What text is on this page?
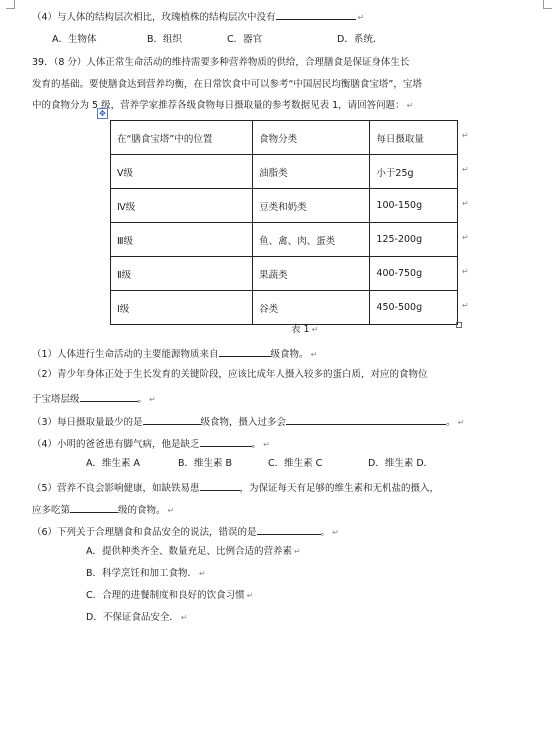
（4）与人体的结构层次相比，玫瑰植株的结构层次中没有	↵
A．生物体	B．组织	C．器官	D．系统．
39．（8 分）人体正常生命活动的维持需要多种营养物质的供给，合理膳食是保证身体生长
发育的基础。要使膳食达到营养均衡，在日常饮食中可以参考“中国居民均衡膳食宝塔”，宝塔
中的食物分为 5 级，营养学家推荐各级食物每日摄取量的参考数据见表 1，请回答问题： ↵
✥
在“膳食宝塔”中的位置	食物分类	每日摄取量
Ⅴ级	油脂类	小于25g
Ⅳ级	豆类和奶类	100-150g
Ⅲ级	鱼、禽、肉、蛋类	125-200g
Ⅱ级	果蔬类	400-750g
Ⅰ级	谷类	450-500g
↵
↵
↵
↵
↵
↵
表 1 ↵
（1）人体进行生命活动的主要能源物质来自	级食物。 ↵
（2）青少年身体正处于生长发育的关键阶段，应该比成年人摄入较多的蛋白质，对应的食物位
于宝塔层级	。 ↵
（3）每日摄取量最少的是	级食物，摄入过多会	。 ↵
（4）小明的爸爸患有脚气病，他是缺乏	。 ↵
A．维生素 A	B．维生素 B	C．维生素 C	D．维生素 D．
（5）营养不良会影响健康，如缺铁易患	，为保证每天有足够的维生素和无机盐的摄入，
应多吃第	级的食物。 ↵
（6）下列关于合理膳食和食品安全的说法，错误的是	。 ↵
A．提供种类齐全、数量充足、比例合适的营养素 ↵
B．科学烹饪和加工食物． ↵
C．合理的进餐制度和良好的饮食习惯 ↵
D．不保证食品安全． ↵
